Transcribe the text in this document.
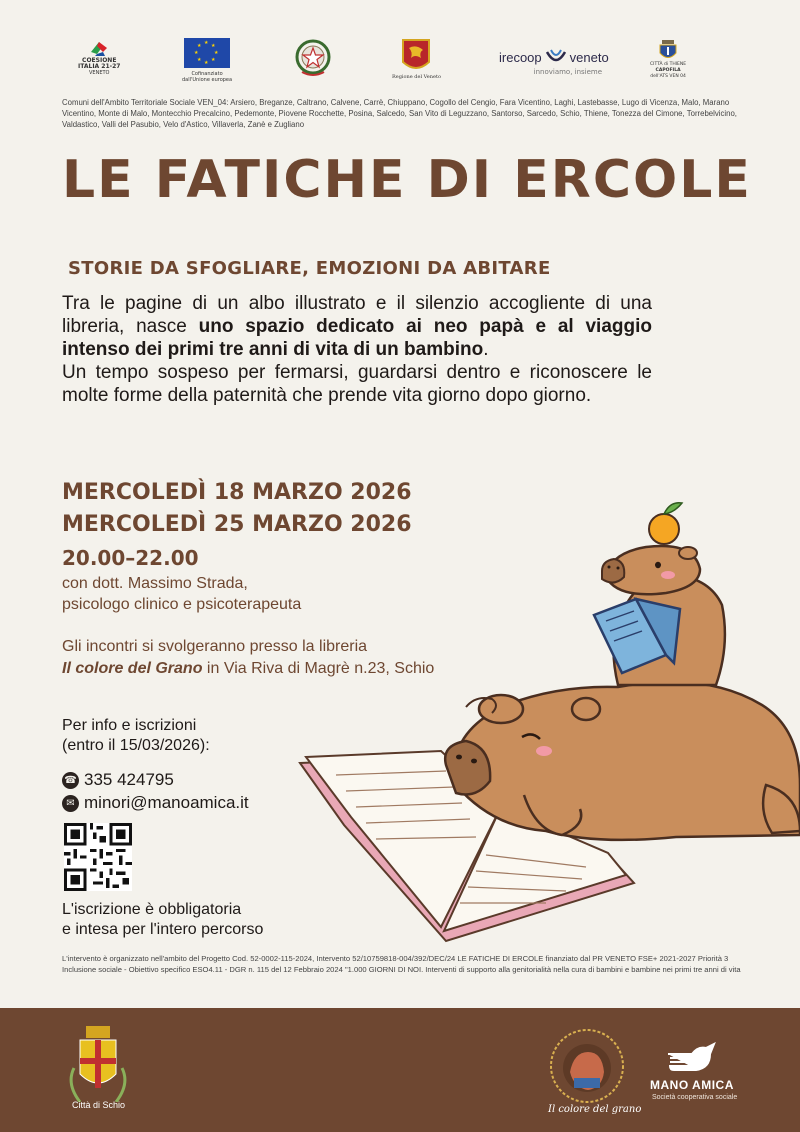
COESIONE
ITALIA 21-27
VENETO
★ ★
★
★
★
★
★
★
Cofinanziato
dall'Unione europea	Regione del Veneto
irecoop veneto
innoviamo, insieme
CITTÀ di THIENE
CAPOFILA
dell'ATS VEN 04
Comuni dell'Ambito Territoriale Sociale VEN_04: Arsiero, Breganze, Caltrano, Calvene, Carrè, Chiuppano, Cogollo del Cengio, Fara Vicentino, Laghi, Lastebasse, Lugo di Vicenza, Malo, Marano Vicentino, Monte di Malo, Montecchio Precalcino, Pedemonte, Piovene Rocchette, Posina, Salcedo, San Vito di Leguzzano, Santorso, Sarcedo, Schio, Thiene, Tonezza del Cimone, Torrebelvicino, Valdastico, Valli del Pasubio, Velo d'Astico, Villaverla, Zanè e Zugliano
LE FATICHE DI ERCOLE
STORIE DA SFOGLIARE, EMOZIONI DA ABITARE
Tra le pagine di un albo illustrato e il silenzio accogliente di una libreria, nasce uno spazio dedicato ai neo papà e al viaggio intenso dei primi tre anni di vita di un bambino.
Un tempo sospeso per fermarsi, guardarsi dentro e riconoscere le molte forme della paternità che prende vita giorno dopo giorno.
MERCOLEDÌ 18 MARZO 2026
MERCOLEDÌ 25 MARZO 2026
20.00–22.00
con dott. Massimo Strada,
psicologo clinico e psicoterapeuta
Gli incontri si svolgeranno presso la libreria
Il colore del Grano in Via Riva di Magrè n.23, Schio
Per info e iscrizioni
(entro il 15/03/2026):
☎ 335 424795
✉ minori@manoamica.it
L'iscrizione è obbligatoria
e intesa per l'intero percorso
L'intervento è organizzato nell'ambito del Progetto Cod. 52-0002-115-2024, Intervento 52/10759818-004/392/DEC/24 LE FATICHE DI ERCOLE finanziato dal PR VENETO FSE+ 2021-2027 Priorità 3 Inclusione sociale - Obiettivo specifico ESO4.11 - DGR n. 115 del 12 Febbraio 2024 "1.000 GIORNI DI NOI. Interventi di supporto alla genitorialità nella cura di bambini e bambine nei primi tre anni di vita
Città di Schio	Il colore del grano
MANO AMICA
Società cooperativa sociale
